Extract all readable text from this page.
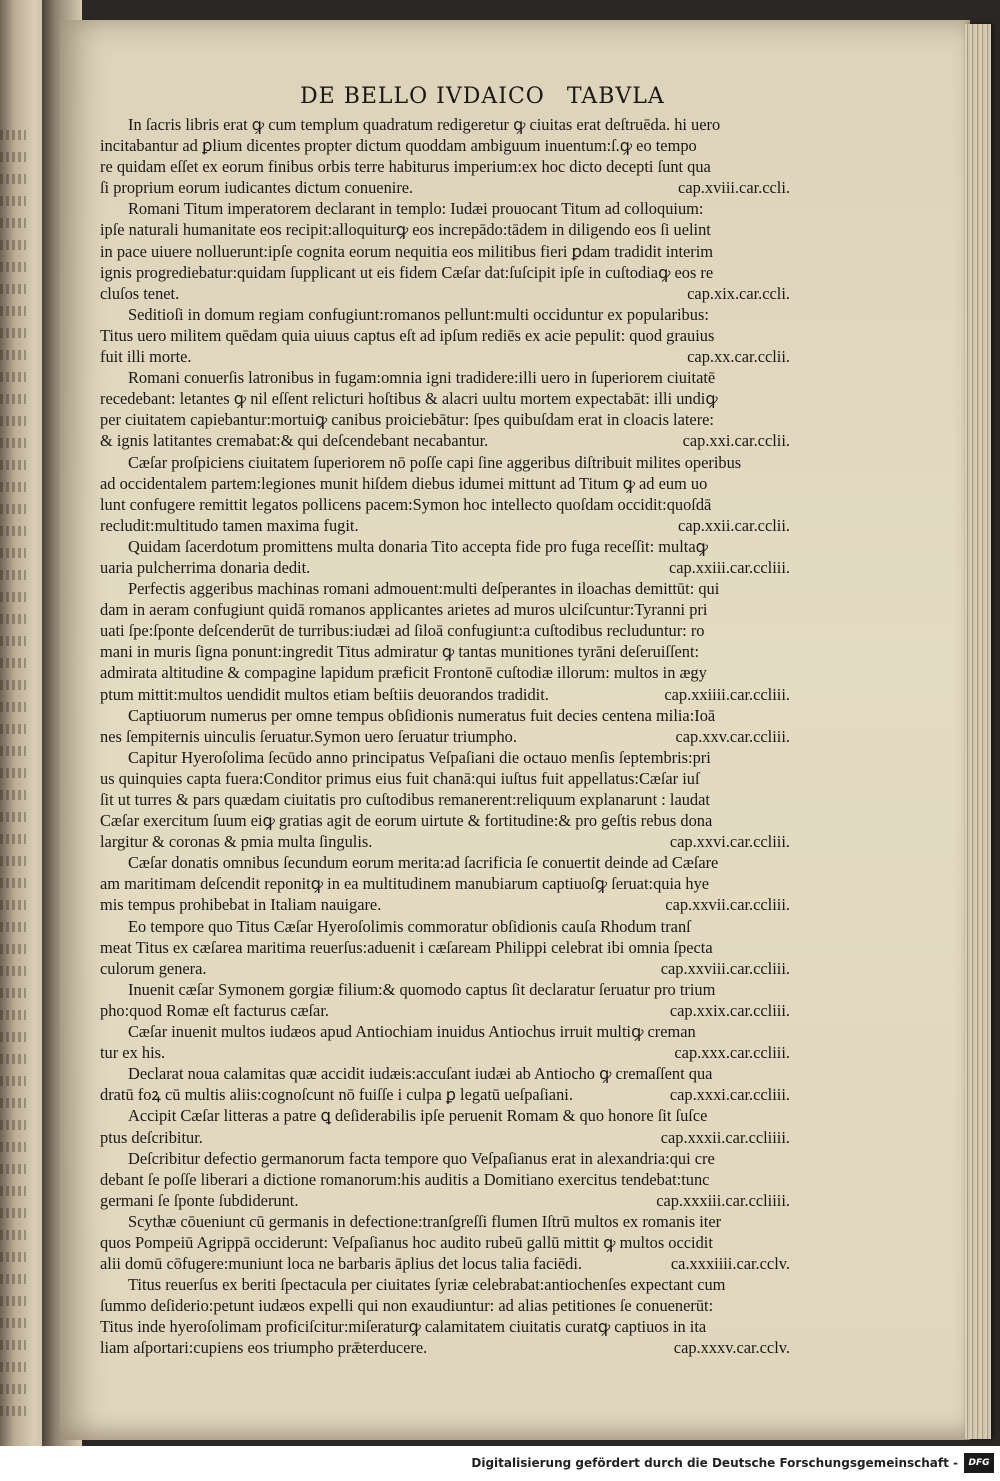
DE BELLO IVDAICO TABVLA
In ſacris libris erat ꝙ cum templum quadratum redigeretur ꝙ ciuitas erat deſtruēda. hi uero
incitabantur ad ꝑlium dicentes propter dictum quoddam ambiguum inuentum:ſ.ꝙ eo tempo
re quidam eſſet ex eorum finibus orbis terre habiturus imperium:ex hoc dicto decepti ſunt qua
ſi proprium eorum iudicantes dictum conuenire.	cap.xviii.car.ccli.
Romani Titum imperatorem declarant in templo: Iudæi prouocant Titum ad colloquium:
ipſe naturali humanitate eos recipit:alloquiturꝙ eos increpādo:tādem in diligendo eos ſi uelint
in pace uiuere nolluerunt:ipſe cognita eorum nequitia eos militibus fieri ꝑdam tradidit interim
ignis progrediebatur:quidam ſupplicant ut eis fidem Cæſar dat:ſuſcipit ipſe in cuſtodiaꝙ eos re
cluſos tenet.	cap.xix.car.ccli.
Seditioſi in domum regiam confugiunt:romanos pellunt:multi occiduntur ex popularibus:
Titus uero militem quēdam quia uiuus captus eſt ad ipſum rediēs ex acie pepulit: quod grauius
fuit illi morte.	cap.xx.car.cclii.
Romani conuerſis latronibus in fugam:omnia igni tradidere:illi uero in ſuperiorem ciuitatē
recedebant: letantes ꝙ nil eſſent relicturi hoſtibus & alacri uultu mortem expectabāt: illi undiꝙ
per ciuitatem capiebantur:mortuiꝙ canibus proiciebātur: ſpes quibuſdam erat in cloacis latere:
& ignis latitantes cremabat:& qui deſcendebant necabantur.	cap.xxi.car.cclii.
Cæſar proſpiciens ciuitatem ſuperiorem nō poſſe capi ſine aggeribus diſtribuit milites operibus
ad occidentalem partem:legiones munit hiſdem diebus idumei mittunt ad Titum ꝙ ad eum uo
lunt confugere remittit legatos pollicens pacem:Symon hoc intellecto quoſdam occidit:quoſdā
recludit:multitudo tamen maxima fugit.	cap.xxii.car.cclii.
Quidam ſacerdotum promittens multa donaria Tito accepta fide pro fuga receſſit: multaꝙ
uaria pulcherrima donaria dedit.	cap.xxiii.car.ccliii.
Perfectis aggeribus machinas romani admouent:multi deſperantes in iloachas demittūt: qui
dam in aeram confugiunt quidā romanos applicantes arietes ad muros ulciſcuntur:Tyranni pri
uati ſpe:ſponte deſcenderūt de turribus:iudæi ad ſiloā confugiunt:a cuſtodibus recluduntur: ro
mani in muris ſigna ponunt:ingredit Titus admiratur ꝙ tantas munitiones tyrāni deſeruiſſent:
admirata altitudine & compagine lapidum præficit Frontonē cuſtodiæ illorum: multos in ægy
ptum mittit:multos uendidit multos etiam beſtiis deuorandos tradidit.	cap.xxiiii.car.ccliii.
Captiuorum numerus per omne tempus obſidionis numeratus fuit decies centena milia:Ioā
nes ſempiternis uinculis ſeruatur.Symon uero ſeruatur triumpho.	cap.xxv.car.ccliii.
Capitur Hyeroſolima ſecūdo anno principatus Veſpaſiani die octauo menſis ſeptembris:pri
us quinquies capta fuera:Conditor primus eius fuit chanā:qui iuſtus fuit appellatus:Cæſar iuſ
ſit ut turres & pars quædam ciuitatis pro cuſtodibus remanerent:reliquum explanarunt : laudat
Cæſar exercitum ſuum eiꝙ gratias agit de eorum uirtute & fortitudine:& pro geſtis rebus dona
largitur & coronas & pmia multa ſingulis.	cap.xxvi.car.ccliii.
Cæſar donatis omnibus ſecundum eorum merita:ad ſacrificia ſe conuertit deinde ad Cæſare
am maritimam deſcendit reponitꝙ in ea multitudinem manubiarum captiuoſꝙ ſeruat:quia hye
mis tempus prohibebat in Italiam nauigare.	cap.xxvii.car.ccliii.
Eo tempore quo Titus Cæſar Hyeroſolimis commoratur obſidionis cauſa Rhodum tranſ
meat Titus ex cæſarea maritima reuerſus:aduenit i cæſaream Philippi celebrat ibi omnia ſpecta
culorum genera.	cap.xxviii.car.ccliii.
Inuenit cæſar Symonem gorgiæ filium:& quomodo captus ſit declaratur ſeruatur pro trium
pho:quod Romæ eſt facturus cæſar.	cap.xxix.car.ccliii.
Cæſar inuenit multos iudæos apud Antiochiam inuidus Antiochus irruit multiꝙ creman
tur ex his.	cap.xxx.car.ccliii.
Declarat noua calamitas quæ accidit iudæis:accuſant iudæi ab Antiocho ꝙ cremaſſent qua
dratū foꝝ cū multis aliis:cognoſcunt nō fuiſſe i culpa ꝑ legatū ueſpaſiani.	cap.xxxi.car.ccliii.
Accipit Cæſar litteras a patre ꝗ deſiderabilis ipſe peruenit Romam & quo honore ſit ſuſce
ptus deſcribitur.	cap.xxxii.car.ccliiii.
Deſcribitur defectio germanorum facta tempore quo Veſpaſianus erat in alexandria:qui cre
debant ſe poſſe liberari a dictione romanorum:his auditis a Domitiano exercitus tendebat:tunc
germani ſe ſponte ſubdiderunt.	cap.xxxiii.car.ccliiii.
Scythæ cōueniunt cū germanis in defectione:tranſgreſſi flumen Iſtrū multos ex romanis iter
quos Pompeiū Agrippā occiderunt: Veſpaſianus hoc audito rubeū gallū mittit ꝙ multos occidit
alii domū cōfugere:muniunt loca ne barbaris āplius det locus talia faciēdi.	ca.xxxiiii.car.cclv.
Titus reuerſus ex beriti ſpectacula per ciuitates ſyriæ celebrabat:antiochenſes expectant cum
ſummo deſiderio:petunt iudæos expelli qui non exaudiuntur: ad alias petitiones ſe conuenerūt:
Titus inde hyeroſolimam proficiſcitur:miſeraturꝙ calamitatem ciuitatis curatꝙ captiuos in ita
liam aſportari:cupiens eos triumpho prǣterducere.	cap.xxxv.car.cclv.
Digitalisierung gefördert durch die Deutsche Forschungsgemeinschaft -	DFG
